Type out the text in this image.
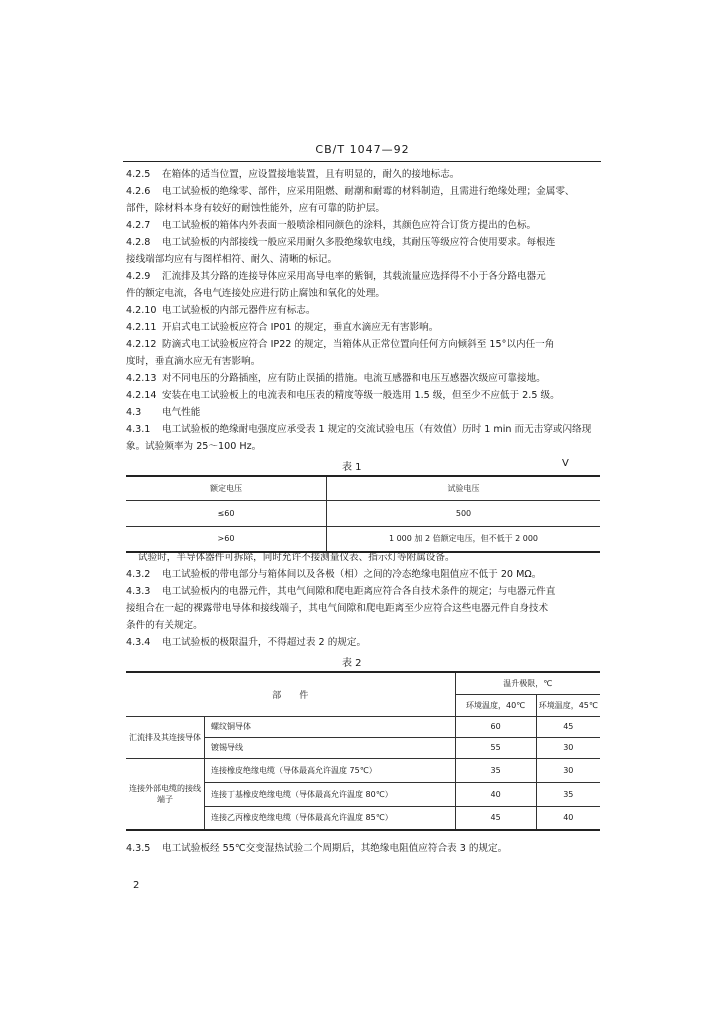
CB/T 1047—92
4.2.5 在箱体的适当位置，应设置接地装置，且有明显的，耐久的接地标志。
4.2.6 电工试验板的绝缘零、部件，应采用阻燃、耐潮和耐霉的材料制造，且需进行绝缘处理；金属零、
部件，除材料本身有较好的耐蚀性能外，应有可靠的防护层。
4.2.7 电工试验板的箱体内外表面一般喷涂相同颜色的涂料，其颜色应符合订货方提出的色标。
4.2.8 电工试验板的内部接线一般应采用耐久多股绝缘软电线，其耐压等级应符合使用要求。每根连
接线端部均应有与图样相符、耐久、清晰的标记。
4.2.9 汇流排及其分路的连接导体应采用高导电率的紫铜，其载流量应选择得不小于各分路电器元
件的额定电流，各电气连接处应进行防止腐蚀和氧化的处理。
4.2.10 电工试验板的内部元器件应有标志。
4.2.11 开启式电工试验板应符合 IP01 的规定，垂直水滴应无有害影响。
4.2.12 防滴式电工试验板应符合 IP22 的规定，当箱体从正常位置向任何方向倾斜至 15°以内任一角
度时，垂直滴水应无有害影响。
4.2.13 对不同电压的分路插座，应有防止误插的措施。电流互感器和电压互感器次级应可靠接地。
4.2.14 安装在电工试验板上的电流表和电压表的精度等级一般选用 1.5 级，但至少不应低于 2.5 级。
4.3 电气性能
4.3.1 电工试验板的绝缘耐电强度应承受表 1 规定的交流试验电压（有效值）历时 1 min 而无击穿或闪络现
象。试验频率为 25～100 Hz。
表 1	V
额定电压	试验电压
≤60	500
>60	1 000 加 2 倍额定电压，但不低于 2 000
试验时，半导体器件可拆除，同时允许不接测量仪表、指示灯等附属设备。
4.3.2 电工试验板的带电部分与箱体间以及各极（相）之间的冷态绝缘电阻值应不低于 20 MΩ。
4.3.3 电工试验板内的电器元件，其电气间隙和爬电距离应符合各自技术条件的规定；与电器元件直
接组合在一起的裸露带电导体和接线端子，其电气间隙和爬电距离至少应符合这些电器元件自身技术
条件的有关规定。
4.3.4 电工试验板的极限温升，不得超过表 2 的规定。
表 2
部　　件		温升极限，℃	
		环境温度，40℃	环境温度，45℃
汇流排及其连接导体	螺纹铜导体	60	45
	镀锡导线	55	30
连接外部电缆的接线端子	连接橡皮绝缘电缆（导体最高允许温度 75℃）	35	30
	连接丁基橡皮绝缘电缆（导体最高允许温度 80℃）	40	35
	连接乙丙橡皮绝缘电缆（导体最高允许温度 85℃）	45	40
4.3.5 电工试验板经 55℃交变湿热试验二个周期后，其绝缘电阻值应符合表 3 的规定。
2
